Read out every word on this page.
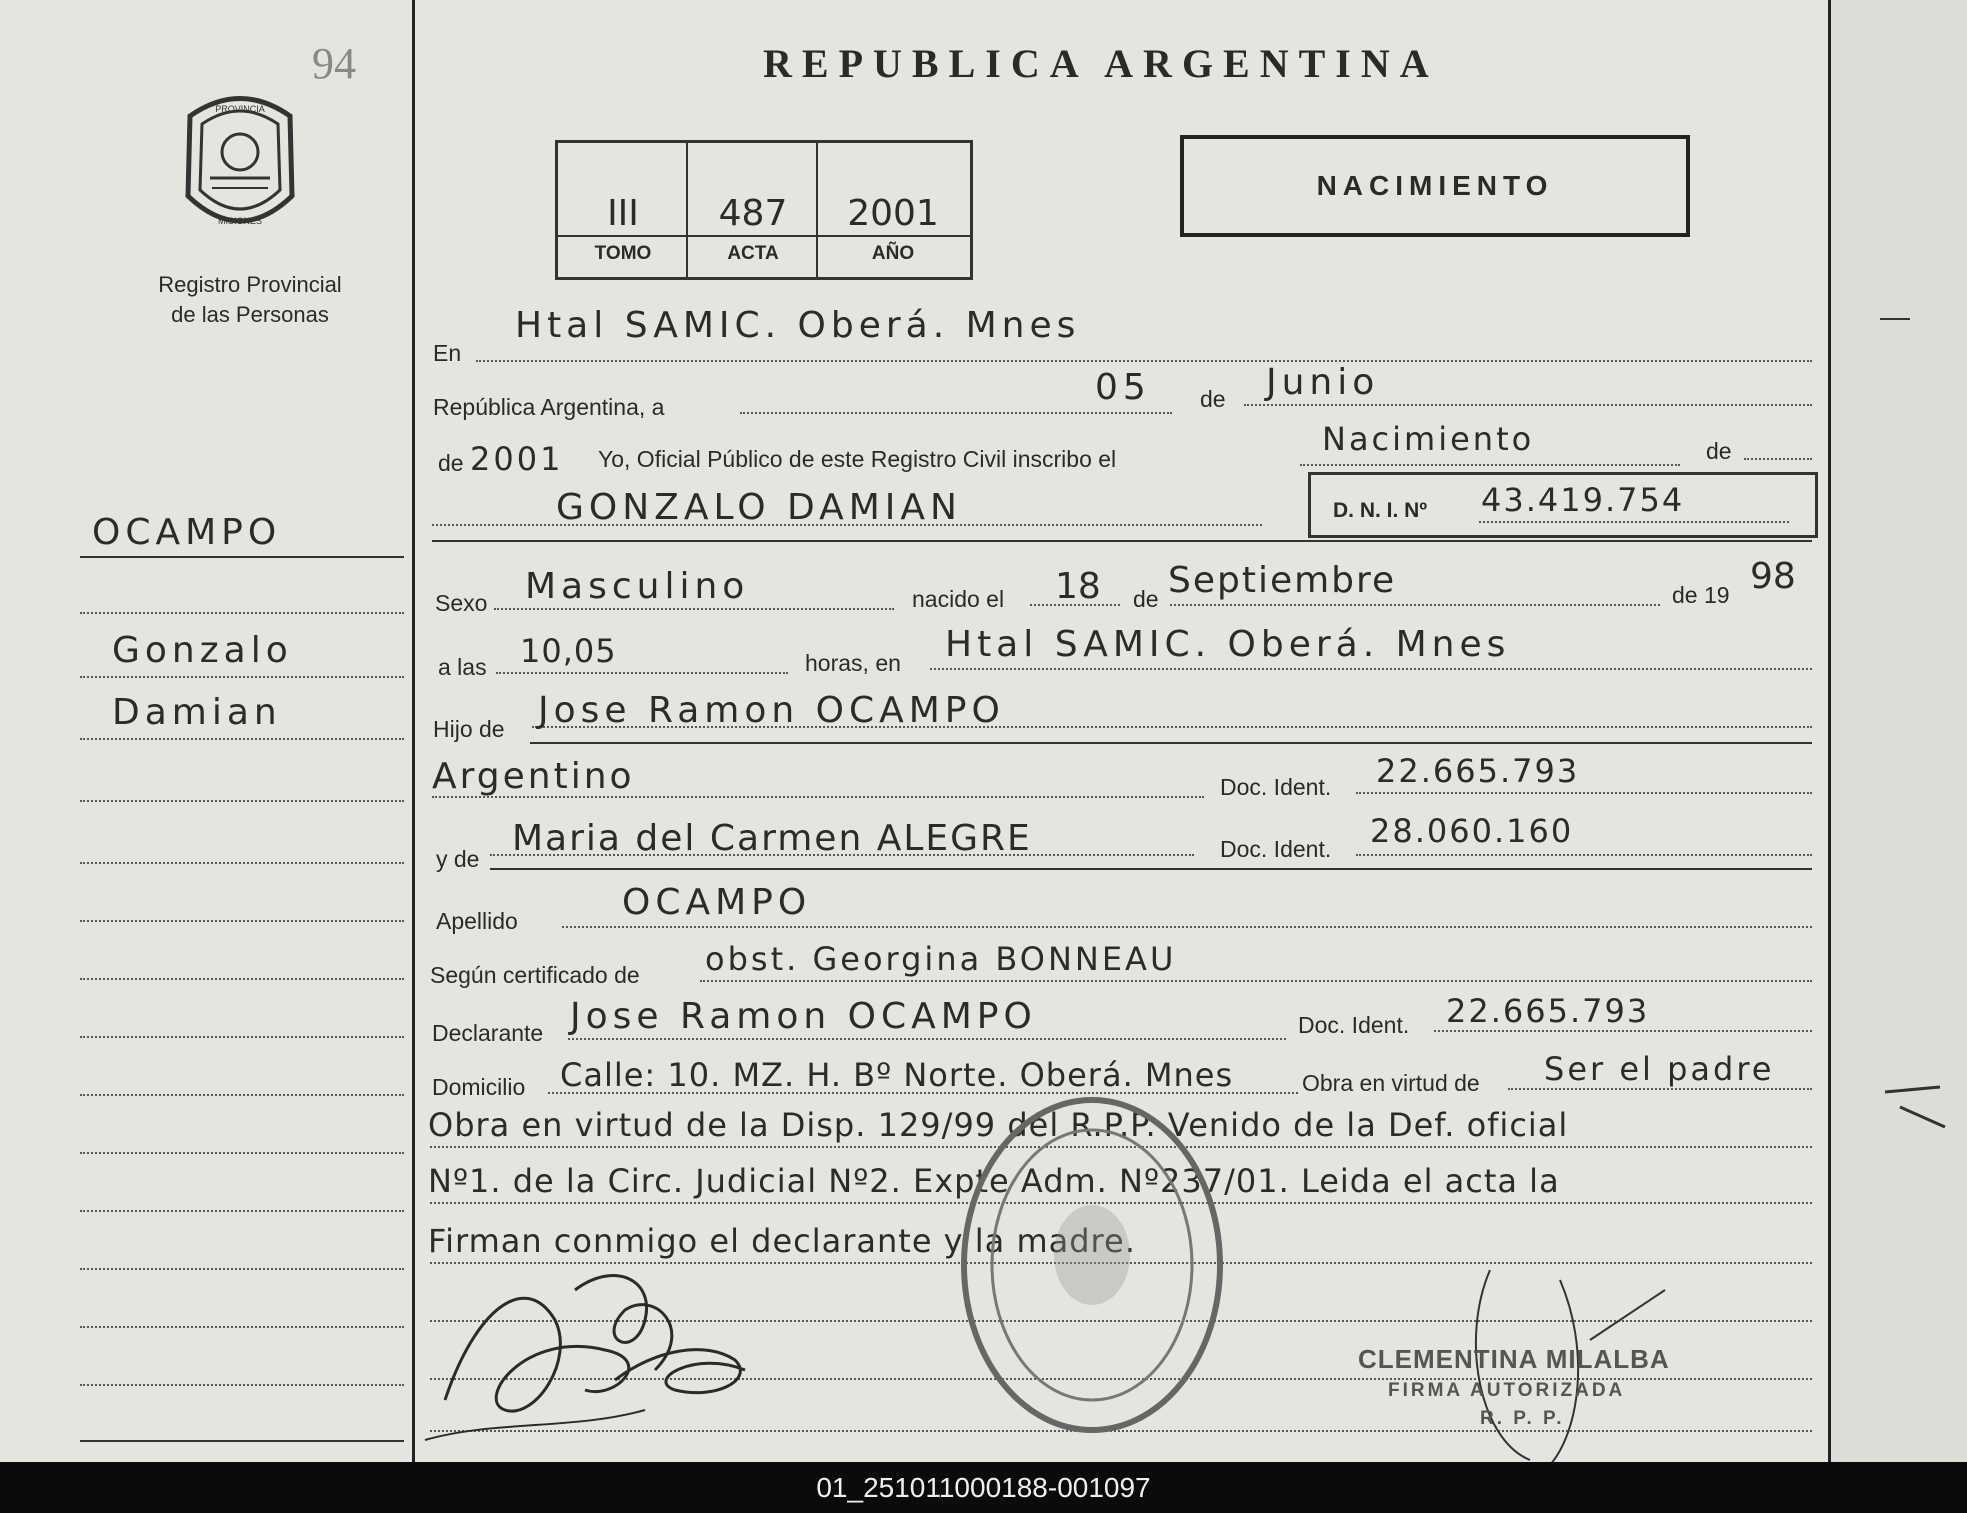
94	REPUBLICA ARGENTINA
PROVINCIA
MISIONES
Registro Provincial
de las Personas
III	487	2001
TOMO	ACTA	AÑO
NACIMIENTO
OCAMPO
Gonzalo
Damian
En
Htal SAMIC. Oberá. Mnes
República Argentina, a	05 de Junio
de 2001 Yo, Oficial Público de este Registro Civil inscribo el
Nacimiento	de
GONZALO DAMIAN	D. N. I. Nº 43.419.754
Sexo Masculino	nacido el 18 de Septiembre	de 19 98
a las 10,05	horas, en Htal SAMIC. Oberá. Mnes
Hijo de Jose Ramon OCAMPO
Argentino	Doc. Ident. 22.665.793
y de Maria del Carmen ALEGRE	Doc. Ident. 28.060.160
Apellido	OCAMPO
Según certificado de obst. Georgina BONNEAU
Declarante Jose Ramon OCAMPO	Doc. Ident. 22.665.793
Domicilio Calle: 10. MZ. H. Bº Norte. Oberá. Mnes	Obra en virtud de Ser el padre
Obra en virtud de la Disp. 129/99 del R.P.P. Venido de la Def. oficial
Nº1. de la Circ. Judicial Nº2. Expte Adm. Nº237/01. Leida el acta la
Firman conmigo el declarante y la madre.
CLEMENTINA MILALBA
FIRMA AUTORIZADA
R. P. P.
01_251011000188-001097
